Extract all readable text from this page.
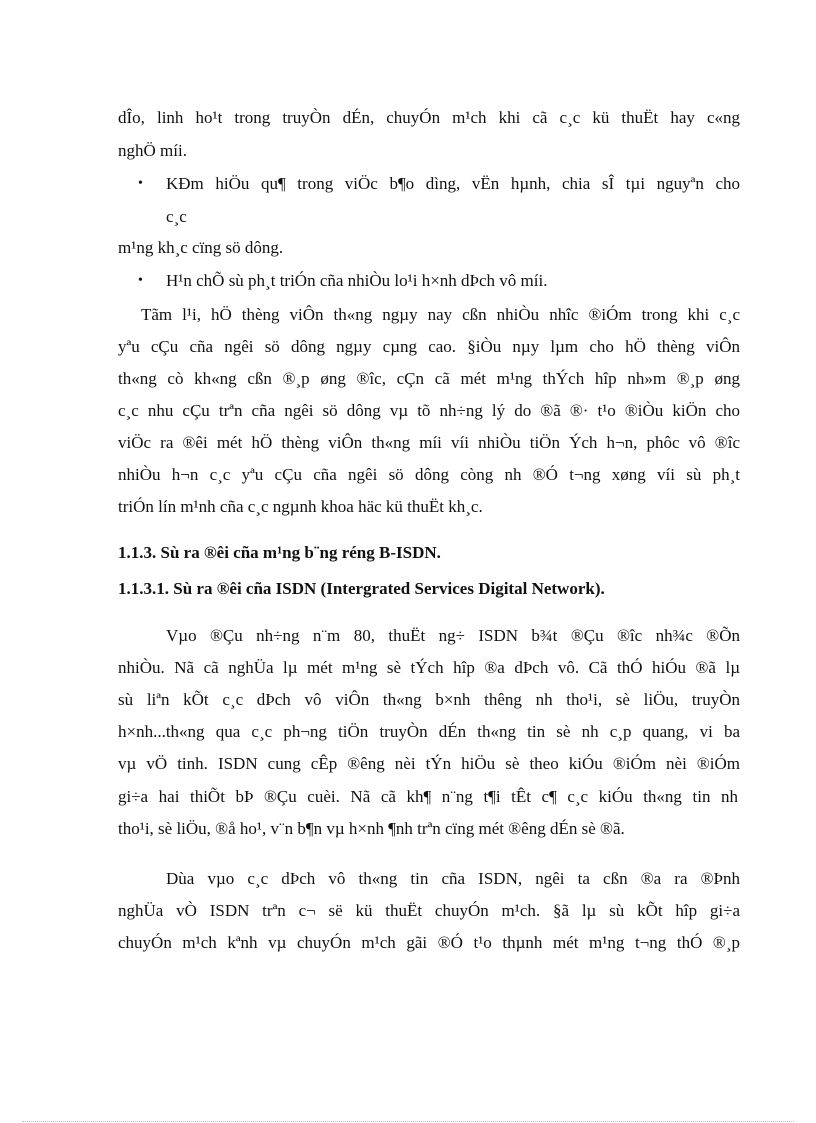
dÎo, linh ho¹t trong truyÒn dÉn, chuyÓn m¹ch khi cã c¸c kü thuËt hay c«ng
nghÖ míi.
• KÐm hiÖu qu¶ trong viÖc b¶o dìng, vËn hµnh, chia sÎ tµi nguyªn cho
c¸c
m¹ng kh¸c cïng sö dông.
• H¹n chÕ sù ph¸t triÓn cña nhiÒu lo¹i h×nh dÞch vô míi.
Tãm l¹i, hÖ thèng viÔn th«ng ngµy nay cßn nhiÒu nhîc ®iÓm trong khi c¸c
yªu cÇu cña ngêi sö dông ngµy cµng cao. §iÒu nµy lµm cho hÖ thèng viÔn
th«ng cò kh«ng cßn ®¸p øng ®îc, cÇn cã mét m¹ng thÝch hîp nh»m ®¸p øng
c¸c nhu cÇu trªn cña ngêi sö dông vµ tõ nh÷ng lý do ®ã ®· t¹o ®iÒu kiÖn cho
viÖc ra ®êi mét hÖ thèng viÔn th«ng míi víi nhiÒu tiÖn Ých h¬n, phôc vô ®îc
nhiÒu h¬n c¸c yªu cÇu cña ngêi sö dông còng nh ®Ó t¬ng xøng víi sù ph¸t
triÓn lín m¹nh cña c¸c ngµnh khoa häc kü thuËt kh¸c.
1.1.3. Sù ra ®êi cña m¹ng b¨ng réng B-ISDN.
1.1.3.1. Sù ra ®êi cña ISDN (Intergrated Services Digital Network).
Vµo ®Çu nh÷ng n¨m 80, thuËt ng÷ ISDN b¾t ®Çu ®îc nh¾c ®Õn
nhiÒu. Nã cã nghÜa lµ mét m¹ng sè tÝch hîp ®a dÞch vô. Cã thÓ hiÓu ®ã lµ
sù liªn kÕt c¸c dÞch vô viÔn th«ng b×nh thêng nh tho¹i, sè liÖu, truyÒn
h×nh...th«ng qua c¸c ph¬ng tiÖn truyÒn dÉn th«ng tin sè nh c¸p quang, vi ba
vµ vÖ tinh. ISDN cung cÊp ®êng nèi tÝn hiÖu sè theo kiÓu ®iÓm nèi ®iÓm
gi÷a hai thiÕt bÞ ®Çu cuèi. Nã cã kh¶ n¨ng t¶i tÊt c¶ c¸c kiÓu th«ng tin nh
tho¹i, sè liÖu, ®å ho¹, v¨n b¶n vµ h×nh ¶nh trªn cïng mét ®êng dÉn sè ®ã.
Dùa vµo c¸c dÞch vô th«ng tin cña ISDN, ngêi ta cßn ®a ra ®Þnh
nghÜa vÒ ISDN trªn c¬ së kü thuËt chuyÓn m¹ch. §ã lµ sù kÕt hîp gi÷a
chuyÓn m¹ch kªnh vµ chuyÓn m¹ch gãi ®Ó t¹o thµnh mét m¹ng t¬ng thÓ ®¸p
